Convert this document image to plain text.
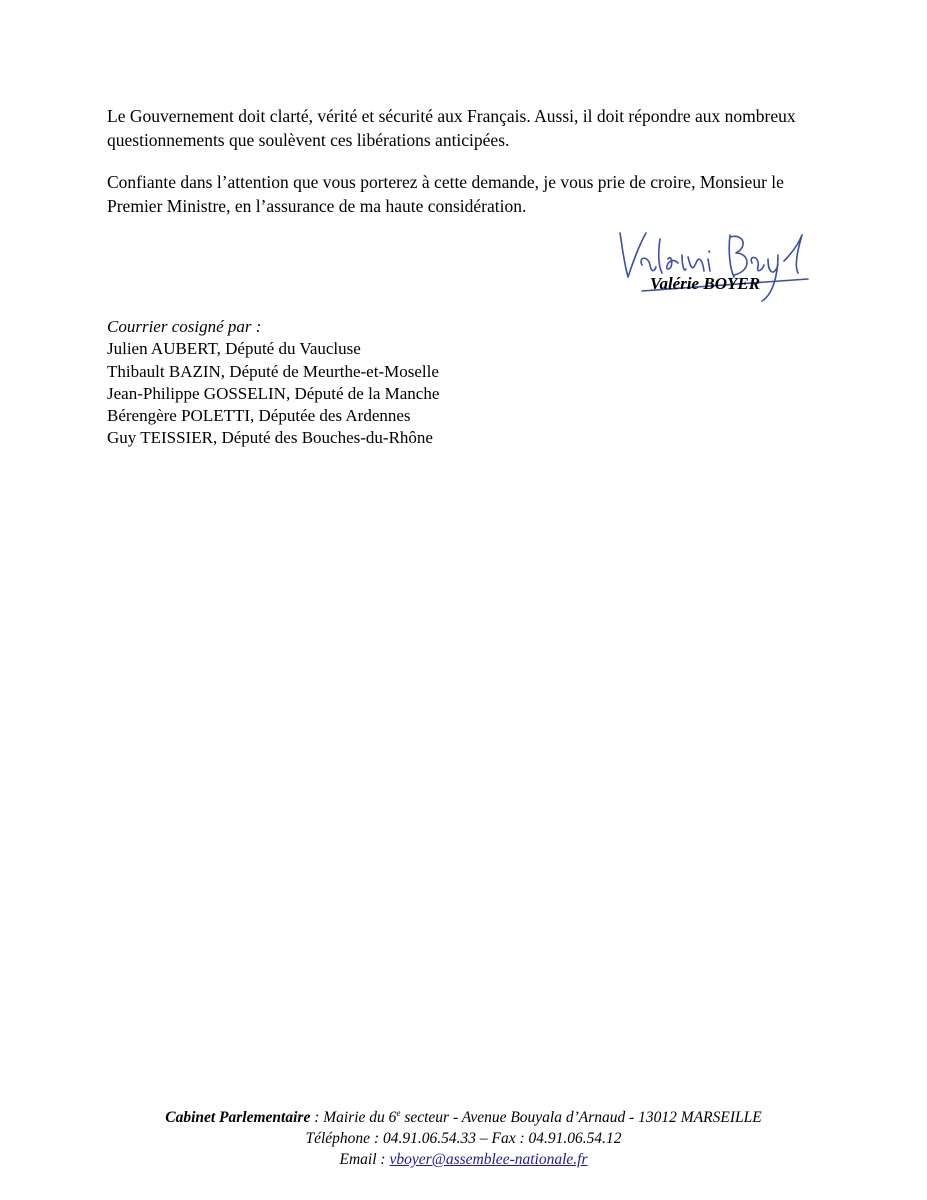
Le Gouvernement doit clarté, vérité et sécurité aux Français. Aussi, il doit répondre aux nombreux
questionnements que soulèvent ces libérations anticipées.

Confiante dans l’attention que vous porterez à cette demande, je vous prie de croire, Monsieur le
Premier Ministre, en l’assurance de ma haute considération.

Valérie BOYER
Courrier cosigné par :
Julien AUBERT, Député du Vaucluse
Thibault BAZIN, Député de Meurthe-et-Moselle
Jean-Philippe GOSSELIN, Député de la Manche
Bérengère POLETTI, Députée des Ardennes
Guy TEISSIER, Député des Bouches-du-Rhône
Cabinet Parlementaire : Mairie du 6e secteur - Avenue Bouyala d’Arnaud - 13012 MARSEILLE
Téléphone : 04.91.06.54.33 – Fax : 04.91.06.54.12
Email : vboyer@assemblee-nationale.fr
